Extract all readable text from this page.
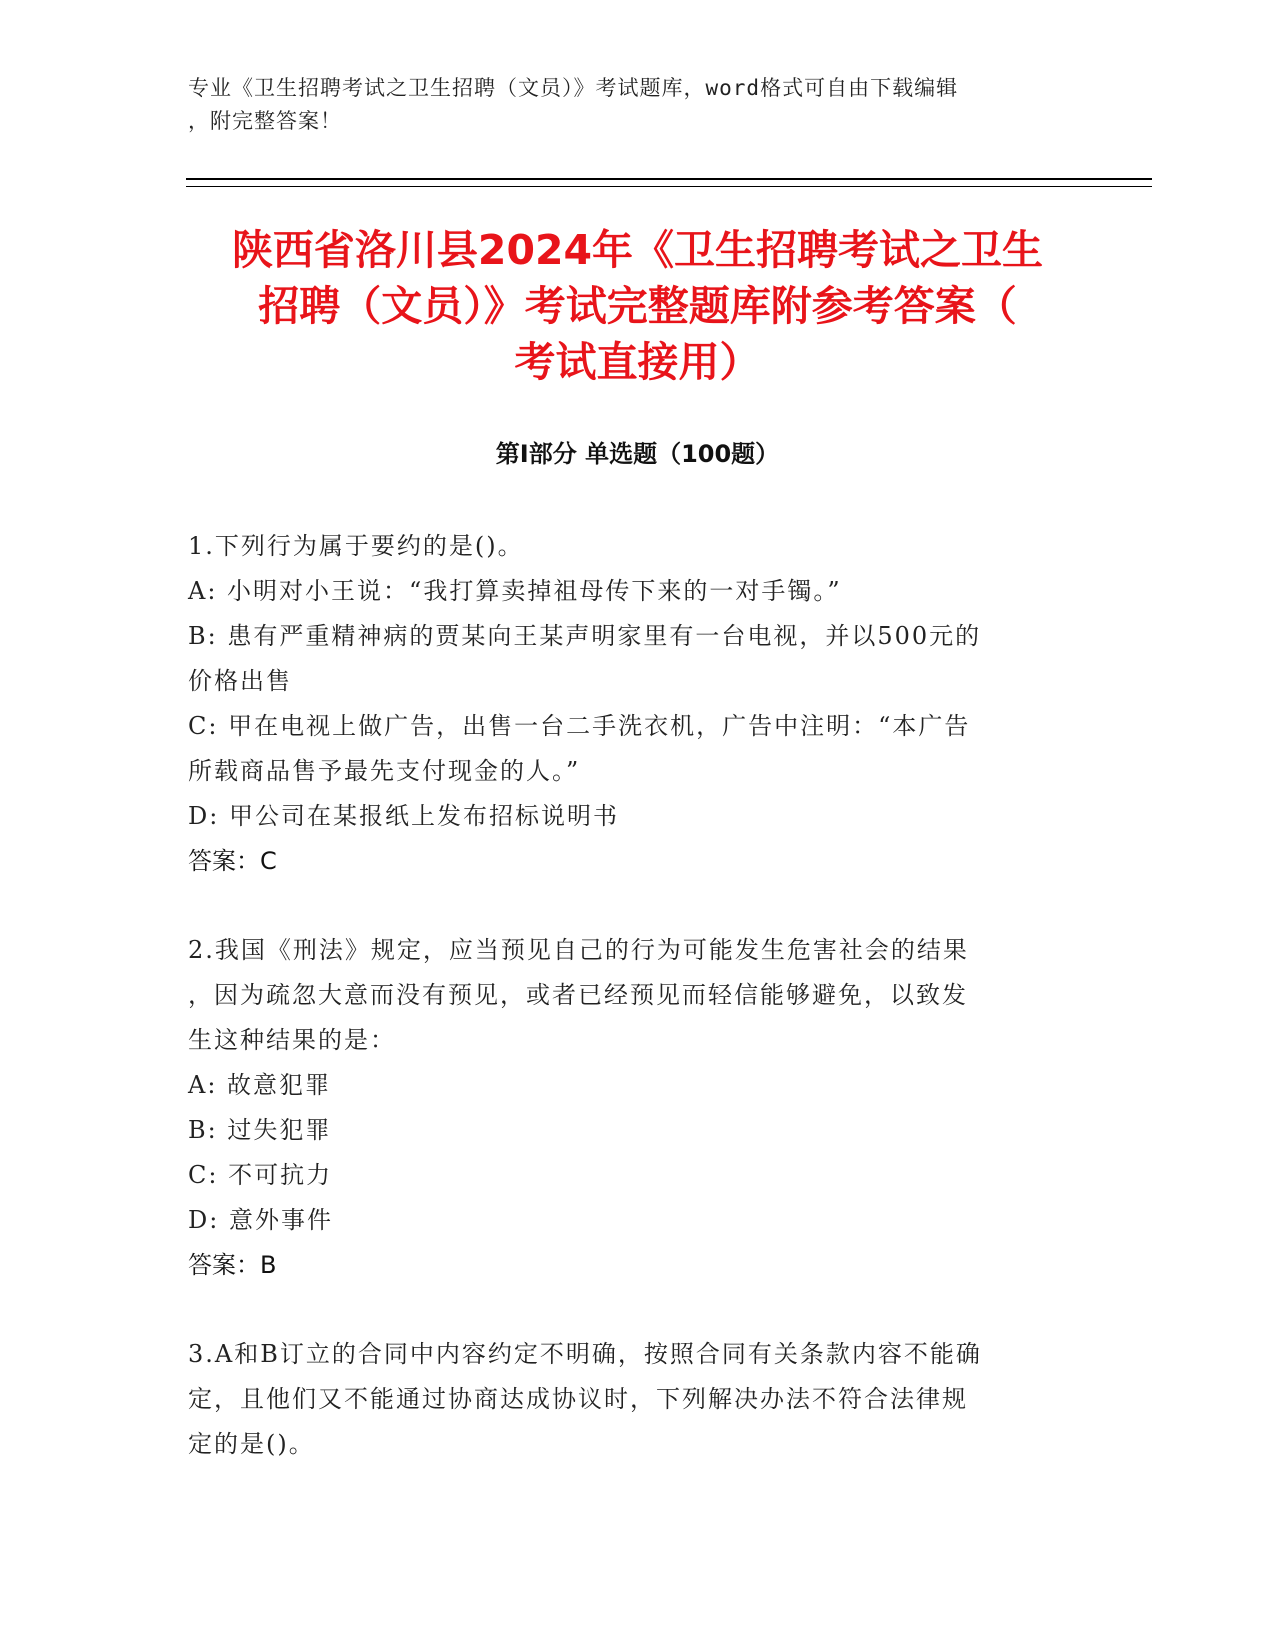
专业《卫生招聘考试之卫生招聘（文员）》考试题库，word格式可自由下载编辑
，附完整答案！
陕西省洛川县2024年《卫生招聘考试之卫生
招聘（文员）》考试完整题库附参考答案（
考试直接用）
第I部分 单选题（100题）

1.下列行为属于要约的是()。

A: 小明对小王说：“我打算卖掉祖母传下来的一对手镯。”

B: 患有严重精神病的贾某向王某声明家里有一台电视，并以500元的

价格出售

C: 甲在电视上做广告，出售一台二手洗衣机，广告中注明：“本广告

所载商品售予最先支付现金的人。”

D: 甲公司在某报纸上发布招标说明书

答案：C

2.我国《刑法》规定，应当预见自己的行为可能发生危害社会的结果

，因为疏忽大意而没有预见，或者已经预见而轻信能够避免，以致发

生这种结果的是：

A: 故意犯罪

B: 过失犯罪

C: 不可抗力

D: 意外事件

答案：B

3.A和B订立的合同中内容约定不明确，按照合同有关条款内容不能确

定，且他们又不能通过协商达成协议时，下列解决办法不符合法律规

定的是()。
